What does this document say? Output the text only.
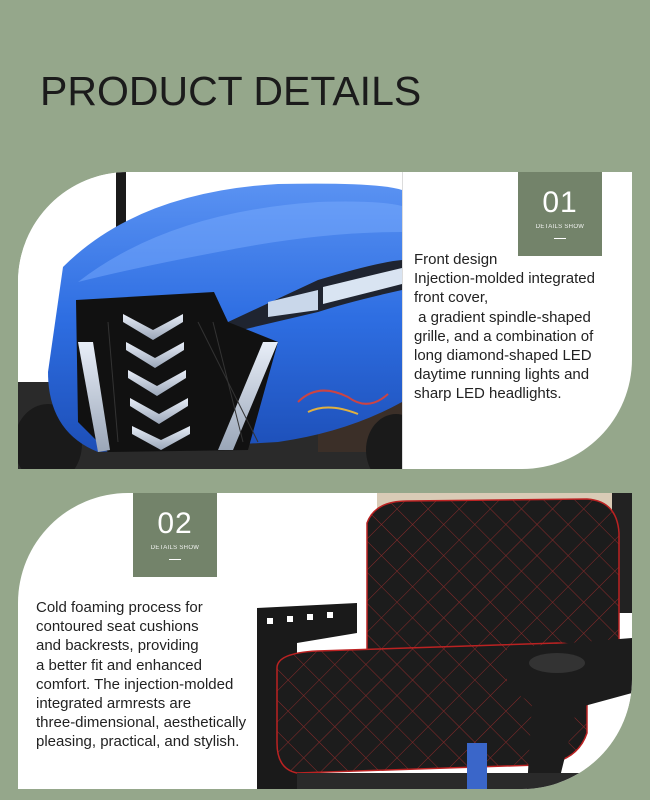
PRODUCT DETAILS
01
DETAILS SHOW

Front design
Injection-molded integrated
front cover,
a gradient spindle-shaped
grille, and a combination of
long diamond-shaped LED
daytime running lights and
sharp LED headlights.

02
DETAILS SHOW

Cold foaming process for
contoured seat cushions
and backrests, providing
a better fit and enhanced
comfort. The injection-molded
integrated armrests are
three-dimensional, aesthetically
pleasing, practical, and stylish.
